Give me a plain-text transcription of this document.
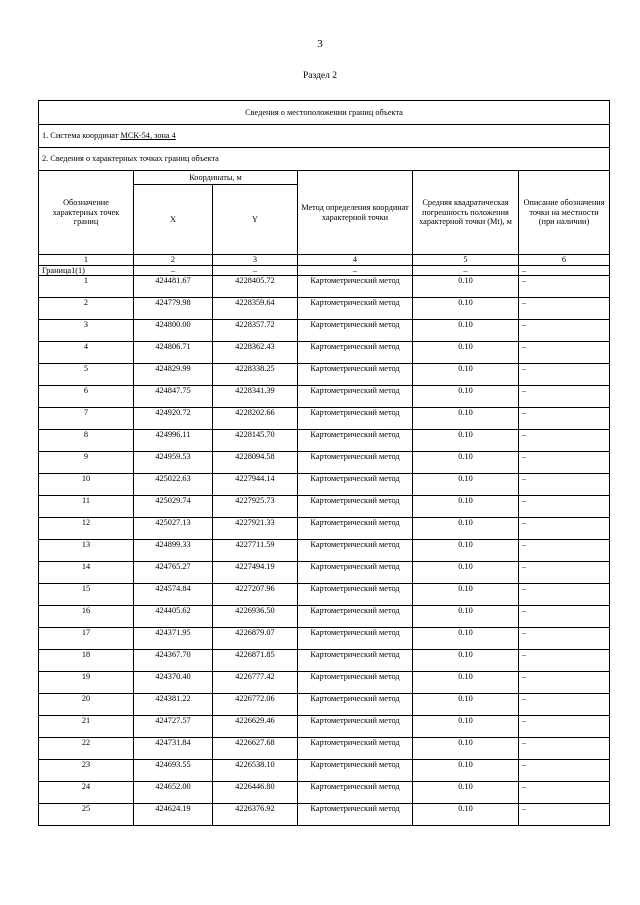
3
Раздел 2
Сведения о местоположении границ объекта					
1. Система координат МСК-54, зона 4					
2. Сведения о характерных точках границ объекта					
Обозначение характерных точек границ	Координаты, м		Метод определения координат характерной точки	Средняя квадратическая погрешность положения характерной точки (Mt), м	Описание обозначения точки на местности (при наличии)
	X	Y			
1	2	3	4	5	6
Граница1(1)	–	–	–	–	–
1	424481.67	4228405.72	Картометрический метод	0.10	–
2	424779.98	4228359.64	Картометрический метод	0.10	–
3	424800.00	4228357.72	Картометрический метод	0.10	–
4	424806.71	4228362.43	Картометрический метод	0.10	–
5	424829.99	4228338.25	Картометрический метод	0.10	–
6	424847.75	4228341.39	Картометрический метод	0.10	–
7	424920.72	4228202.66	Картометрический метод	0.10	–
8	424996.11	4228145.70	Картометрический метод	0.10	–
9	424959.53	4228094.58	Картометрический метод	0.10	–
10	425022.63	4227944.14	Картометрический метод	0.10	–
11	425029.74	4227925.73	Картометрический метод	0.10	–
12	425027.13	4227921.33	Картометрический метод	0.10	–
13	424899.33	4227711.59	Картометрический метод	0.10	–
14	424765.27	4227494.19	Картометрический метод	0.10	–
15	424574.84	4227207.96	Картометрический метод	0.10	–
16	424405.62	4226936.50	Картометрический метод	0.10	–
17	424371.95	4226879.07	Картометрический метод	0.10	–
18	424367.70	4226871.85	Картометрический метод	0.10	–
19	424370.40	4226777.42	Картометрический метод	0.10	–
20	424381.22	4226772.06	Картометрический метод	0.10	–
21	424727.57	4226629.46	Картометрический метод	0.10	–
22	424731.84	4226627.68	Картометрический метод	0.10	–
23	424693.55	4226538.10	Картометрический метод	0.10	–
24	424652.00	4226446.80	Картометрический метод	0.10	–
25	424624.19	4226376.92	Картометрический метод	0.10	–
